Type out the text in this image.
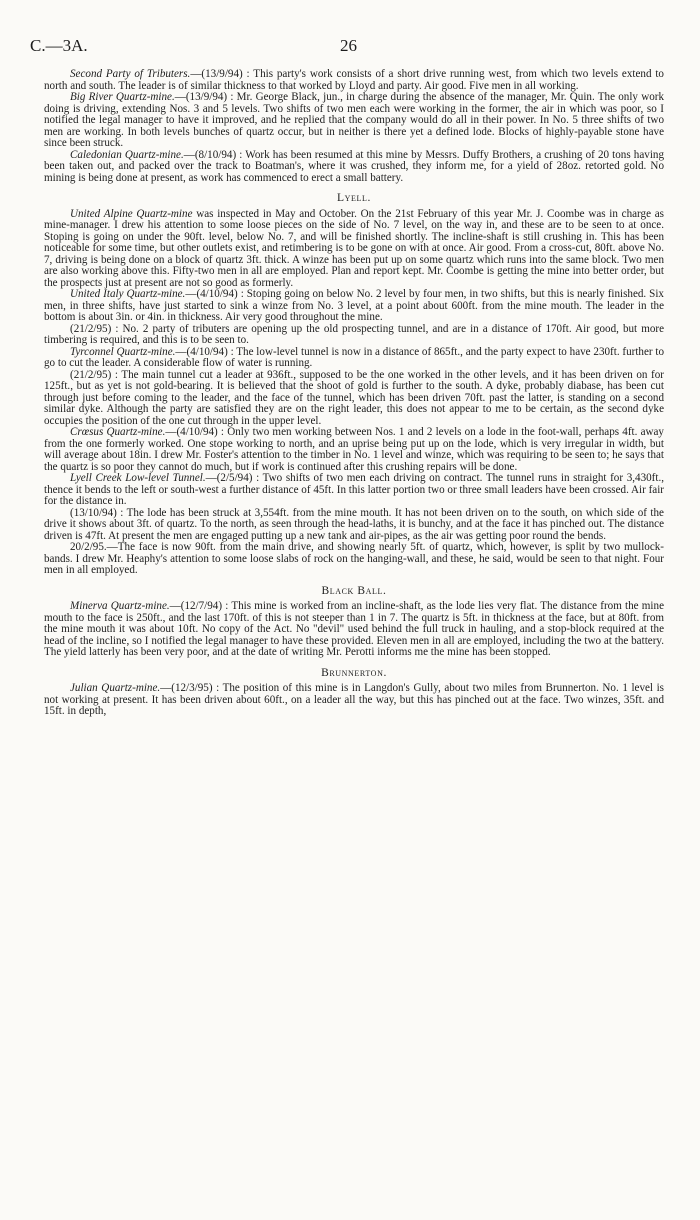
C.—3A.	26

Second Party of Tributers.—(13/9/94) : This party's work consists of a short drive running west, from which two levels extend to north and south. The leader is of similar thickness to that worked by Lloyd and party. Air good. Five men in all working.

Big River Quartz-mine.—(13/9/94) : Mr. George Black, jun., in charge during the absence of the manager, Mr. Quin. The only work doing is driving, extending Nos. 3 and 5 levels. Two shifts of two men each were working in the former, the air in which was poor, so I notified the legal manager to have it improved, and he replied that the company would do all in their power. In No. 5 three shifts of two men are working. In both levels bunches of quartz occur, but in neither is there yet a defined lode. Blocks of highly-payable stone have since been struck.

Caledonian Quartz-mine.—(8/10/94) : Work has been resumed at this mine by Messrs. Duffy Brothers, a crushing of 20 tons having been taken out, and packed over the track to Boatman's, where it was crushed, they inform me, for a yield of 28oz. retorted gold. No mining is being done at present, as work has commenced to erect a small battery.

Lyell.

United Alpine Quartz-mine was inspected in May and October. On the 21st February of this year Mr. J. Coombe was in charge as mine-manager. I drew his attention to some loose pieces on the side of No. 7 level, on the way in, and these are to be seen to at once. Stoping is going on under the 90ft. level, below No. 7, and will be finished shortly. The incline-shaft is still crushing in. This has been noticeable for some time, but other outlets exist, and retimbering is to be gone on with at once. Air good. From a cross-cut, 80ft. above No. 7, driving is being done on a block of quartz 3ft. thick. A winze has been put up on some quartz which runs into the same block. Two men are also working above this. Fifty-two men in all are employed. Plan and report kept. Mr. Coombe is getting the mine into better order, but the prospects just at present are not so good as formerly.

United Italy Quartz-mine.—(4/10/94) : Stoping going on below No. 2 level by four men, in two shifts, but this is nearly finished. Six men, in three shifts, have just started to sink a winze from No. 3 level, at a point about 600ft. from the mine mouth. The leader in the bottom is about 3in. or 4in. in thickness. Air very good throughout the mine.

(21/2/95) : No. 2 party of tributers are opening up the old prospecting tunnel, and are in a distance of 170ft. Air good, but more timbering is required, and this is to be seen to.

Tyrconnel Quartz-mine.—(4/10/94) : The low-level tunnel is now in a distance of 865ft., and the party expect to have 230ft. further to go to cut the leader. A considerable flow of water is running.

(21/2/95) : The main tunnel cut a leader at 936ft., supposed to be the one worked in the other levels, and it has been driven on for 125ft., but as yet is not gold-bearing. It is believed that the shoot of gold is further to the south. A dyke, probably diabase, has been cut through just before coming to the leader, and the face of the tunnel, which has been driven 70ft. past the latter, is standing on a second similar dyke. Although the party are satisfied they are on the right leader, this does not appear to me to be certain, as the second dyke occupies the position of the one cut through in the upper level.

Crœsus Quartz-mine.—(4/10/94) : Only two men working between Nos. 1 and 2 levels on a lode in the foot-wall, perhaps 4ft. away from the one formerly worked. One stope working to north, and an uprise being put up on the lode, which is very irregular in width, but will average about 18in. I drew Mr. Foster's attention to the timber in No. 1 level and winze, which was requiring to be seen to; he says that the quartz is so poor they cannot do much, but if work is continued after this crushing repairs will be done.

Lyell Creek Low-level Tunnel.—(2/5/94) : Two shifts of two men each driving on contract. The tunnel runs in straight for 3,430ft., thence it bends to the left or south-west a further distance of 45ft. In this latter portion two or three small leaders have been crossed. Air fair for the distance in.

(13/10/94) : The lode has been struck at 3,554ft. from the mine mouth. It has not been driven on to the south, on which side of the drive it shows about 3ft. of quartz. To the north, as seen through the head-laths, it is bunchy, and at the face it has pinched out. The distance driven is 47ft. At present the men are engaged putting up a new tank and air-pipes, as the air was getting poor round the bends.

20/2/95.—The face is now 90ft. from the main drive, and showing nearly 5ft. of quartz, which, however, is split by two mullock-bands. I drew Mr. Heaphy's attention to some loose slabs of rock on the hanging-wall, and these, he said, would be seen to that night. Four men in all employed.

Black Ball.

Minerva Quartz-mine.—(12/7/94) : This mine is worked from an incline-shaft, as the lode lies very flat. The distance from the mine mouth to the face is 250ft., and the last 170ft. of this is not steeper than 1 in 7. The quartz is 5ft. in thickness at the face, but at 80ft. from the mine mouth it was about 10ft. No copy of the Act. No "devil" used behind the full truck in hauling, and a stop-block required at the head of the incline, so I notified the legal manager to have these provided. Eleven men in all are employed, including the two at the battery. The yield latterly has been very poor, and at the date of writing Mr. Perotti informs me the mine has been stopped.

Brunnerton.

Julian Quartz-mine.—(12/3/95) : The position of this mine is in Langdon's Gully, about two miles from Brunnerton. No. 1 level is not working at present. It has been driven about 60ft., on a leader all the way, but this has pinched out at the face. Two winzes, 35ft. and 15ft. in depth,
